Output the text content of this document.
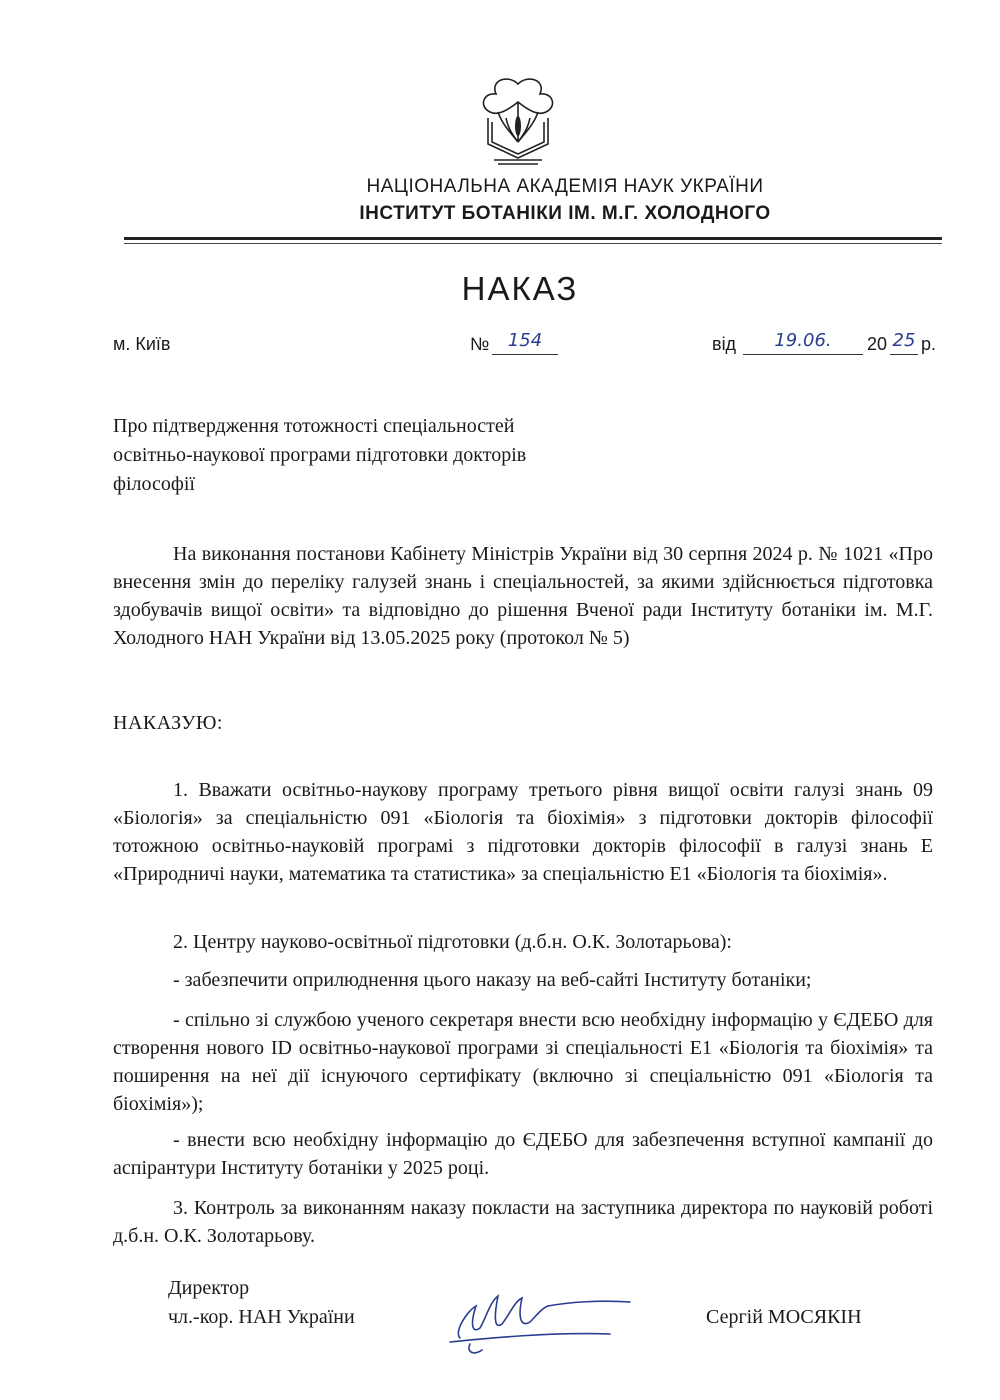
НАЦІОНАЛЬНА АКАДЕМІЯ НАУК УКРАЇНИ
ІНСТИТУТ БОТАНІКИ ІМ. М.Г. ХОЛОДНОГО
НАКАЗ
м. Київ	№	154	від	19.06.	20 25 р.
Про підтвердження тотожності спеціальностей освітньо-наукової програми підготовки докторів філософії
На виконання постанови Кабінету Міністрів України від 30 серпня 2024 р. № 1021 «Про внесення змін до переліку галузей знань і спеціальностей, за якими здійснюється підготовка здобувачів вищої освіти» та відповідно до рішення Вченої ради Інституту ботаніки ім. М.Г. Холодного НАН України від 13.05.2025 року (протокол № 5)
НАКАЗУЮ:
1. Вважати освітньо-наукову програму третього рівня вищої освіти галузі знань 09 «Біологія» за спеціальністю 091 «Біологія та біохімія» з підготовки докторів філософії тотожною освітньо-науковій програмі з підготовки докторів філософії в галузі знань Е «Природничі науки, математика та статистика» за спеціальністю Е1 «Біологія та біохімія».
2. Центру науково-освітньої підготовки (д.б.н. О.К. Золотарьова):
- забезпечити оприлюднення цього наказу на веб-сайті Інституту ботаніки;
- спільно зі службою ученого секретаря внести всю необхідну інформацію у ЄДЕБО для створення нового ID освітньо-наукової програми зі спеціальності Е1 «Біологія та біохімія» та поширення на неї дії існуючого сертифікату (включно зі спеціальністю 091 «Біологія та біохімія»);
- внести всю необхідну інформацію до ЄДЕБО для забезпечення вступної кампанії до аспірантури Інституту ботаніки у 2025 році.
3. Контроль за виконанням наказу покласти на заступника директора по науковій роботі д.б.н. О.К. Золотарьову.
Директор
чл.-кор. НАН України	Сергій МОСЯКІН
